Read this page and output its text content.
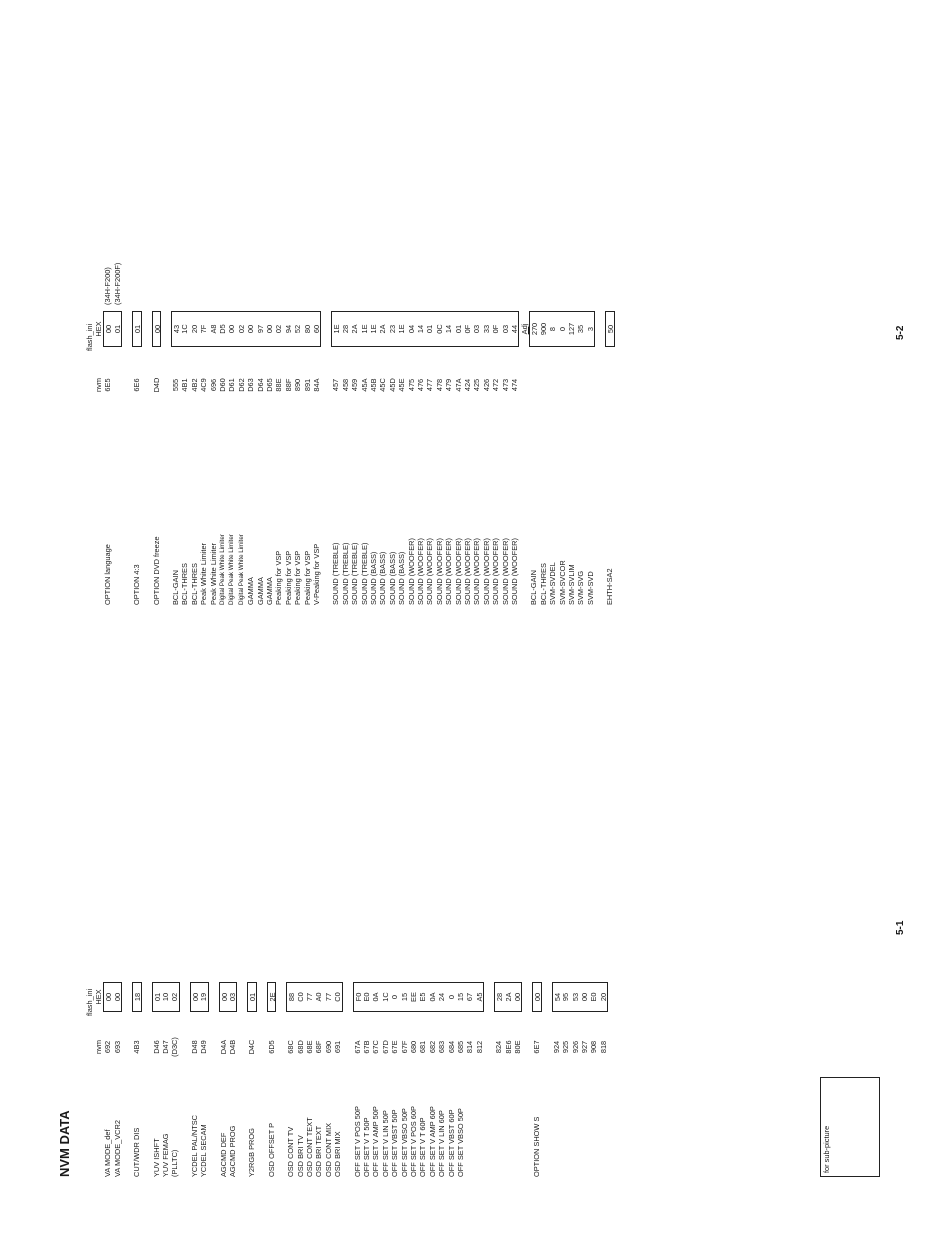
NVM DATA
flash_ini
nvm
HEX
VA MODE_def
692
00
VA MODE_VCR2
693
00
CUT/WDR DIS
4B3
18
YUV ISHFT
D46
01
YUV FEMAG
D47
10
(PLLTC)
(D3C)
02
YCDEL PAL/NTSC
D48
00
YCDEL SECAM
D49
19
AGCMD DEF
D4A
00
AGCMD PROG
D4B
03
Y2RGB PROG
D4C
01
OSD OFFSET P
6D5
2E
OSD CONT TV
68C
88
OSD BRI TV
68D
C0
OSD CONT TEXT
68E
77
OSD BRI TEXT
68F
A0
OSD CONT MIX
690
77
OSD BRI MIX
691
C0
OFF SET V POS 50P
67A
F0
OFF SET V T 50P
67B
E0
OFF SET V AMP 50P
67C
0A
OFF SET V LIN 50P
67D
1C
OFF SET VBST 50P
67E
0
OFF SET VBSO 50P
67F
15
OFF SET V POS 60P
680
EE
OFF SET V T 60P
681
E5
OFF SET V AMP 60P
682
0A
OFF SET V LIN 60P
683
24
OFF SET VBST 60P
684
0
OFF SET VBSO 50P
685
15
814
67
812
A5
824
28
8E6
2A
80E
00
OPTION SHOW S
6E7
00
924
54
925
95
926
53
927
00
908
E0
818
20
5-1
flash_ini
nvm
HEX
OPTION language
6E5
00 01
OPTION 4:3
6E6
01
OPTION DVD freeze
D4D
00
BCL-GAIN
555
43
BCL-THRES
4B1
1C
BCL-THRES
4B2
20
Peak White Limiter
4C9
7F
Peak White Limiter
696
A8
Digital Peak White Limiter
D60
D5
Digital Peak White Limiter
D61
00
Digital Peak White Limiter
D62
02
GAMMA
D63
00
GAMMA
D64
97
GAMMA
D65
00
Peaking for VSP
88E
02
Peaking for VSP
88F
94
Peaking for VSP
890
52
Peaking for VSP
891
80
V-Peaking for VSP
84A
60
SOUND (TREBLE)
457
1E
SOUND (TREBLE)
458
28
SOUND (TREBLE)
459
2A
SOUND (TREBLE)
45A
1E
SOUND (BASS)
45B
1E
SOUND (BASS)
45C
2A
SOUND (BASS)
45D
23
SOUND (BASS)
45E
1E
SOUND (WOOFER)
475
04
SOUND (WOOFER)
476
14
SOUND (WOOFER)
477
01
SOUND (WOOFER)
478
0C
SOUND (WOOFER)
479
14
SOUND (WOOFER)
47A
01
SOUND (WOOFER)
424
0F
SOUND (WOOFER)
425
03
SOUND (WOOFER)
426
33
SOUND (WOOFER)
472
0F
SOUND (WOOFER)
473
03
SOUND (WOOFER)
474
44 Adj
BCL-GAIN
270
BCL-THRES
900
SVM-SVDEL
8
SVM-SVCOR
0
SVM-SVLIM
127
SVM-SVG
35
SVM-SVD
3
EHTH-SA2
50	5-2
for sub-picture
(34H-F200) (34H-F200F)
